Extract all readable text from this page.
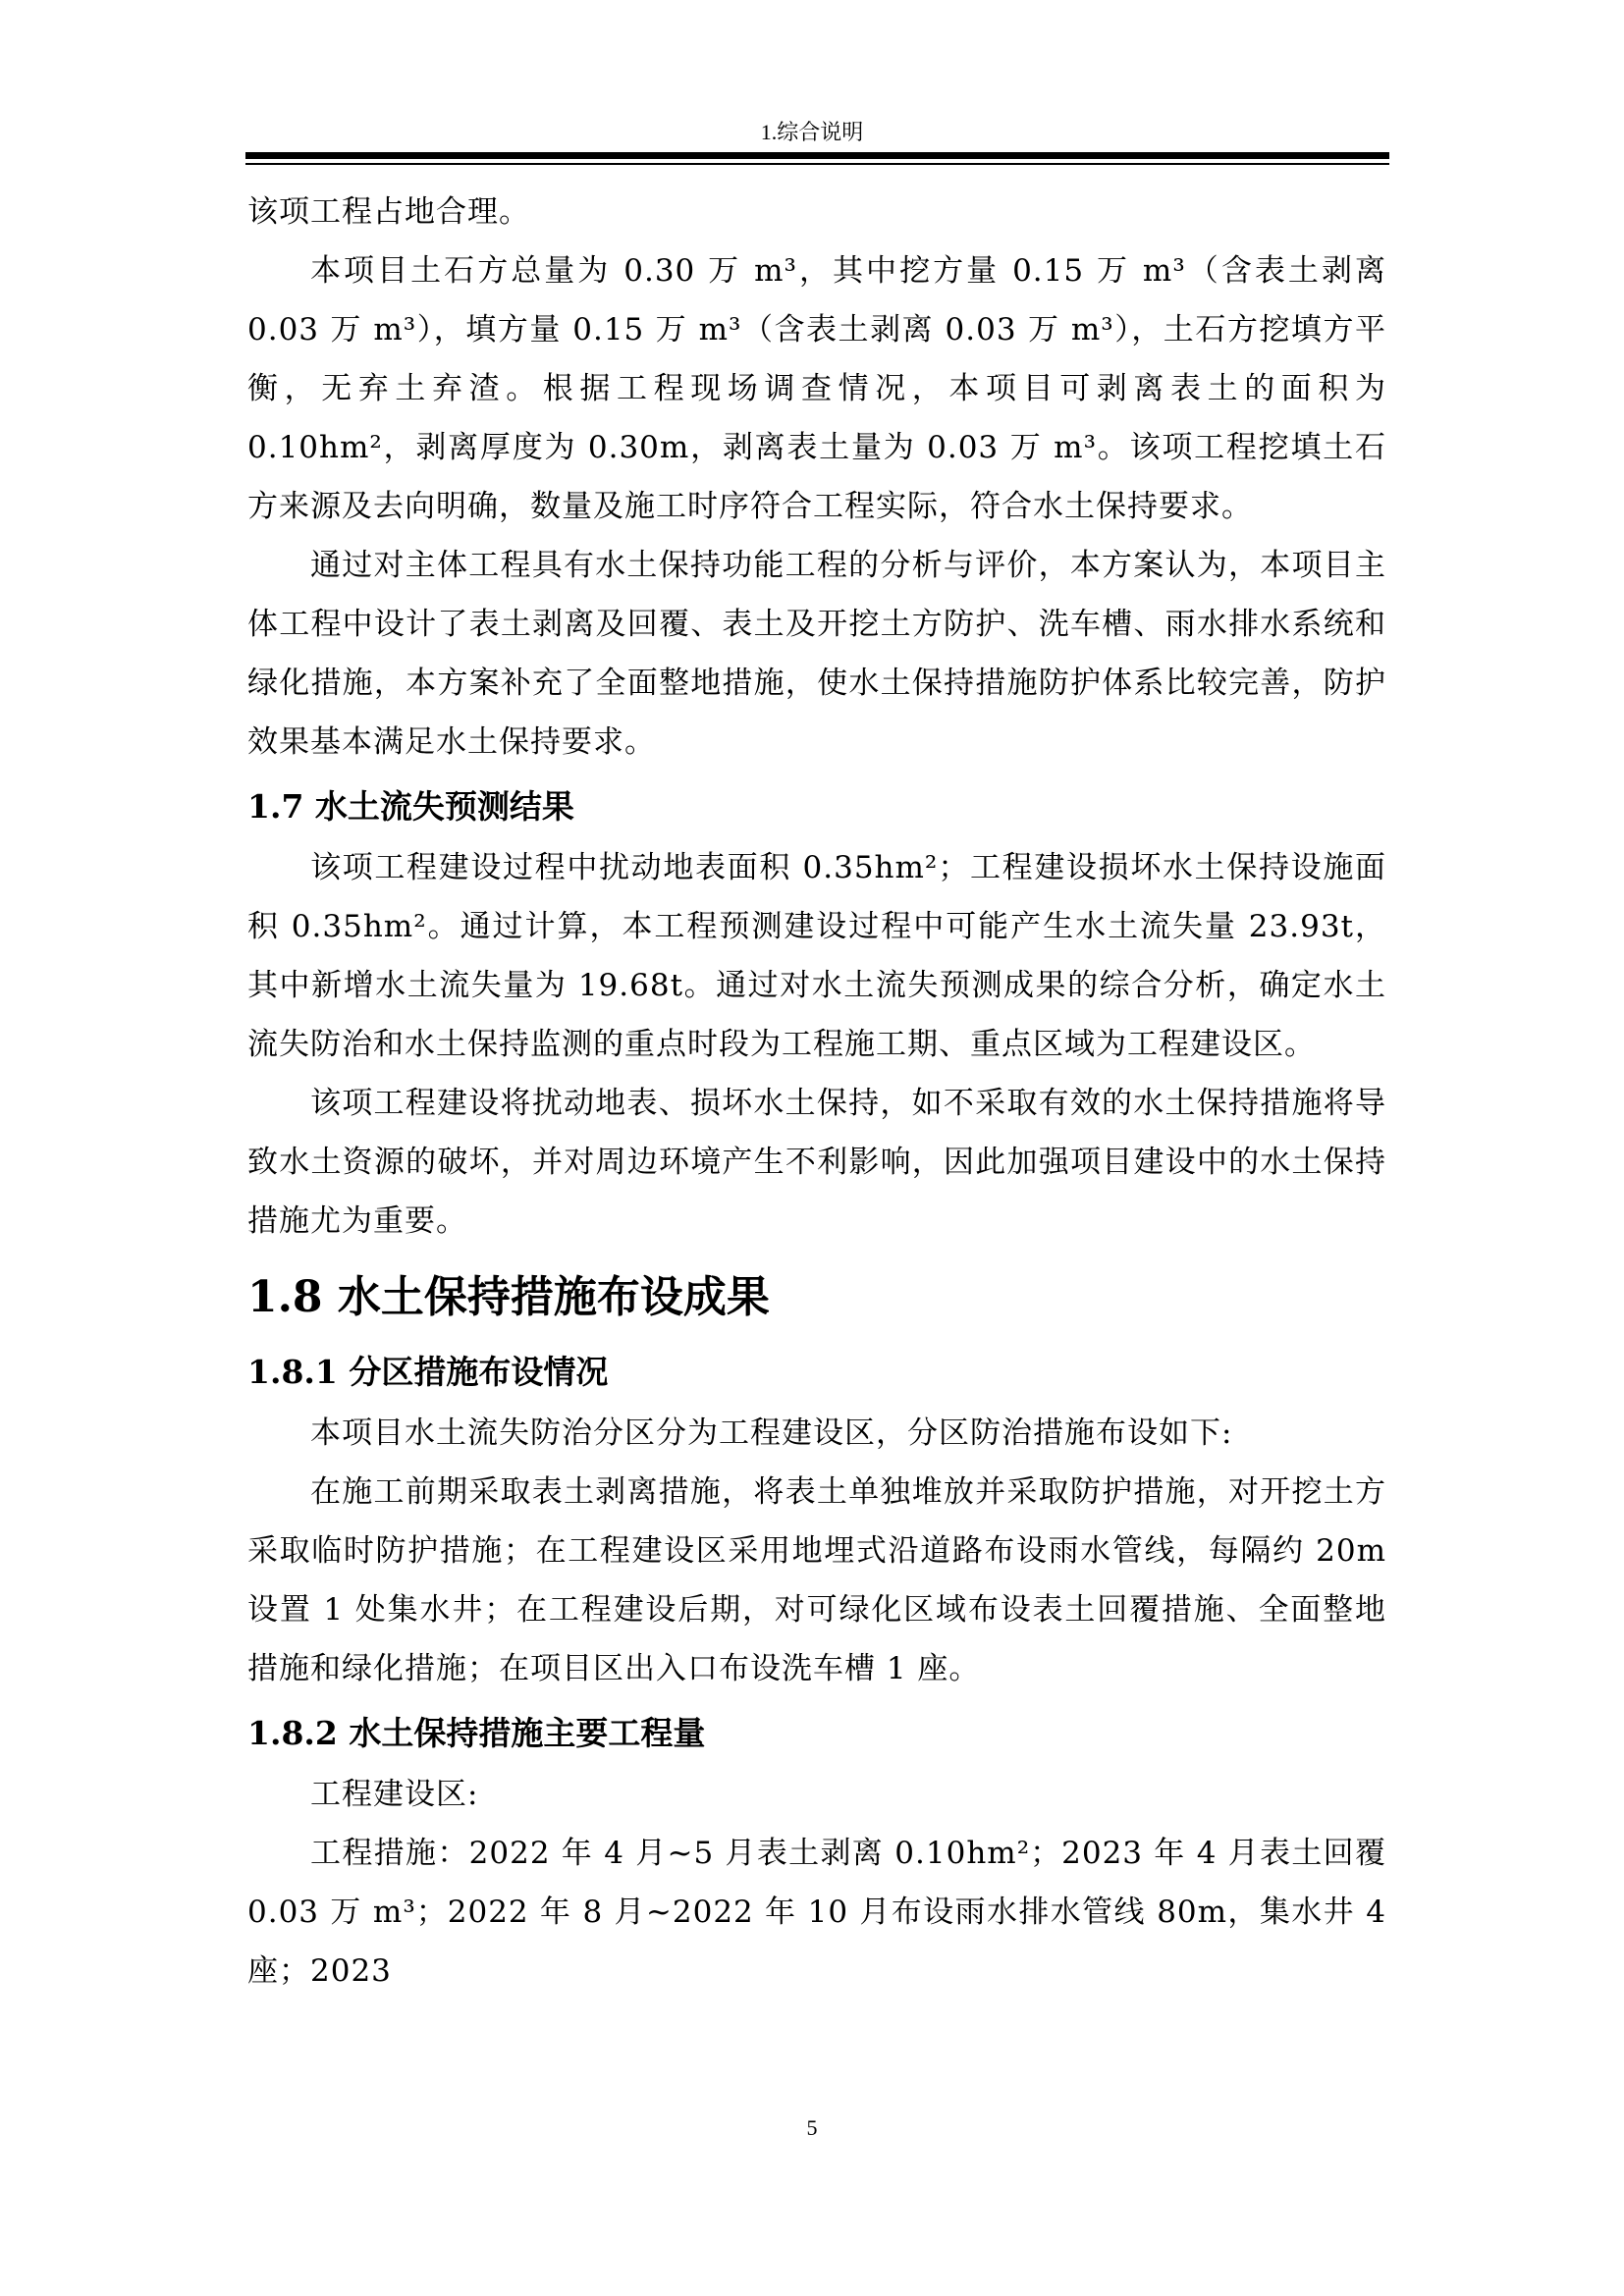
1.综合说明

该项工程占地合理。

本项目土石方总量为 0.30 万 m³，其中挖方量 0.15 万 m³（含表土剥离 0.03 万 m³），填方量 0.15 万 m³（含表土剥离 0.03 万 m³），土石方挖填方平衡，无弃土弃渣。根据工程现场调查情况，本项目可剥离表土的面积为 0.10hm²，剥离厚度为 0.30m，剥离表土量为 0.03 万 m³。该项工程挖填土石方来源及去向明确，数量及施工时序符合工程实际，符合水土保持要求。

通过对主体工程具有水土保持功能工程的分析与评价，本方案认为，本项目主体工程中设计了表土剥离及回覆、表土及开挖土方防护、洗车槽、雨水排水系统和绿化措施，本方案补充了全面整地措施，使水土保持措施防护体系比较完善，防护效果基本满足水土保持要求。

1.7 水土流失预测结果

该项工程建设过程中扰动地表面积 0.35hm²；工程建设损坏水土保持设施面积 0.35hm²。通过计算，本工程预测建设过程中可能产生水土流失量 23.93t，其中新增水土流失量为 19.68t。通过对水土流失预测成果的综合分析，确定水土流失防治和水土保持监测的重点时段为工程施工期、重点区域为工程建设区。

该项工程建设将扰动地表、损坏水土保持，如不采取有效的水土保持措施将导致水土资源的破坏，并对周边环境产生不利影响，因此加强项目建设中的水土保持措施尤为重要。

1.8 水土保持措施布设成果
1.8.1 分区措施布设情况

本项目水土流失防治分区分为工程建设区，分区防治措施布设如下:

在施工前期采取表土剥离措施，将表土单独堆放并采取防护措施，对开挖土方采取临时防护措施；在工程建设区采用地埋式沿道路布设雨水管线，每隔约 20m 设置 1 处集水井；在工程建设后期，对可绿化区域布设表土回覆措施、全面整地措施和绿化措施；在项目区出入口布设洗车槽 1 座。

1.8.2 水土保持措施主要工程量

工程建设区:

工程措施：2022 年 4 月~5 月表土剥离 0.10hm²；2023 年 4 月表土回覆 0.03 万 m³；2022 年 8 月~2022 年 10 月布设雨水排水管线 80m，集水井 4 座；2023

5
